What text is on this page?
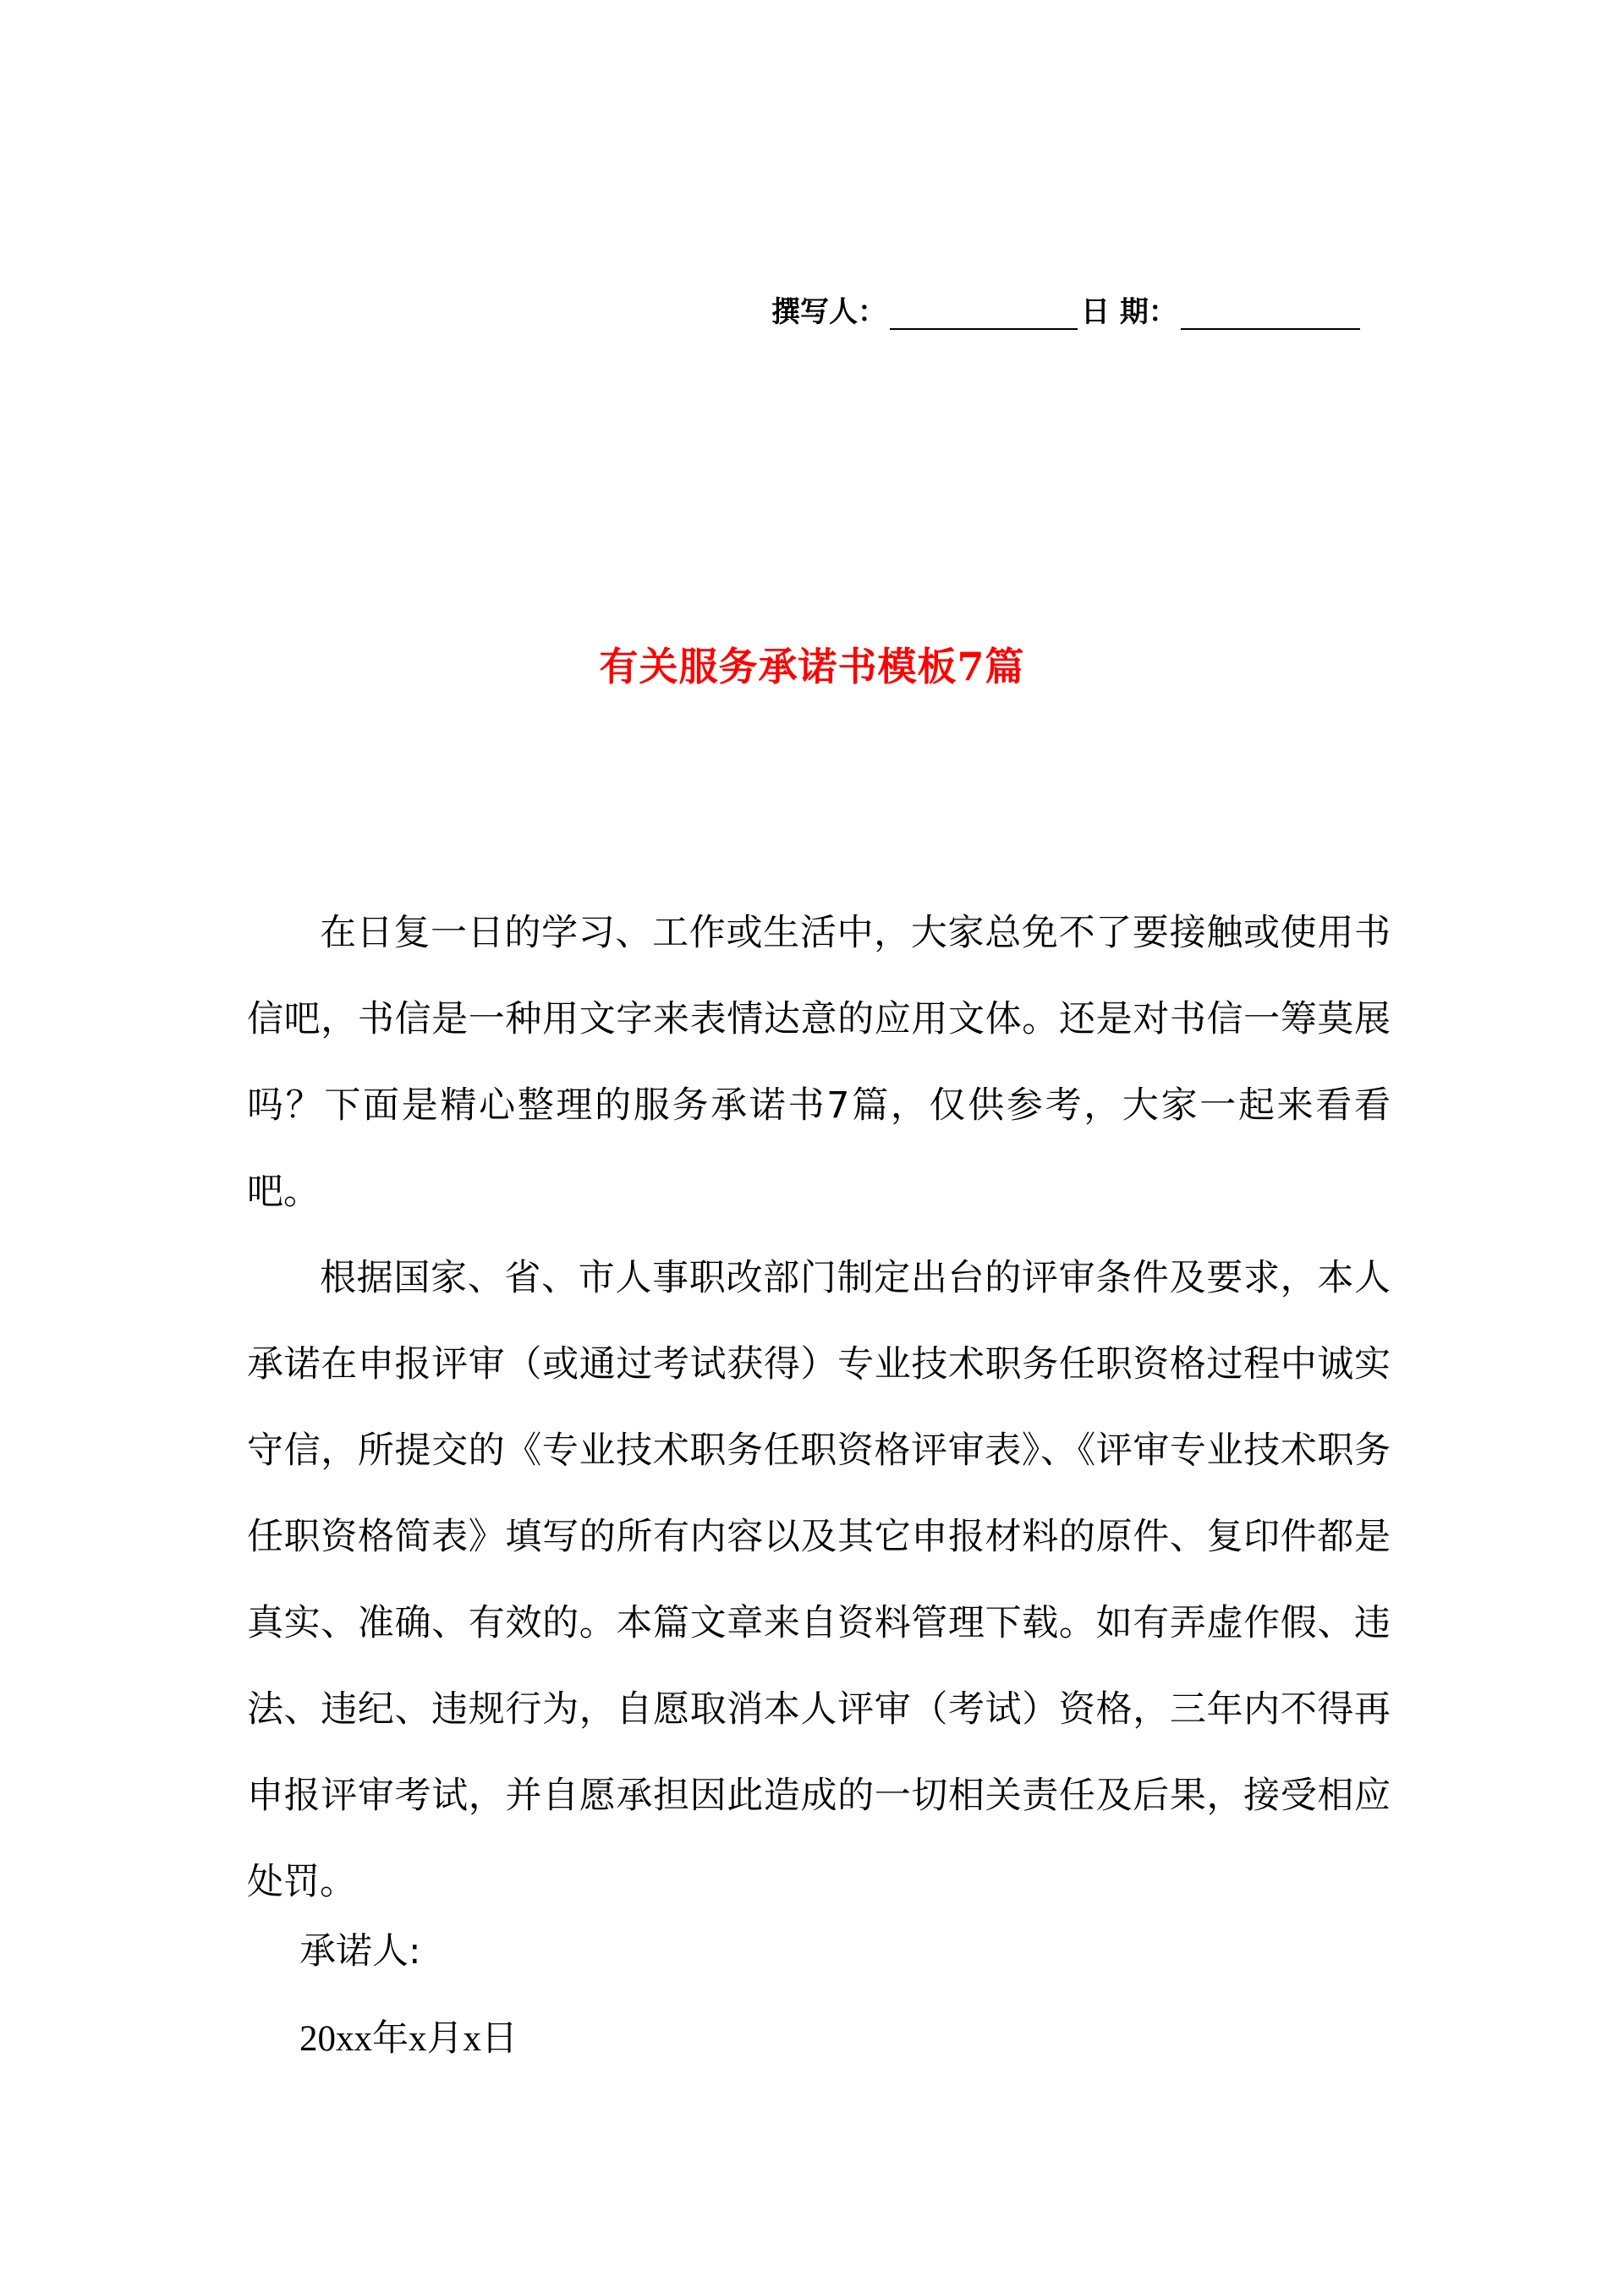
撰写人：	日 期：
有关服务承诺书模板7篇

在日复一日的学习、工作或生活中，大家总免不了要接触或使用书信吧，书信是一种用文字来表情达意的应用文体。还是对书信一筹莫展吗？下面是精心整理的服务承诺书7篇，仅供参考，大家一起来看看吧。

根据国家、省、市人事职改部门制定出台的评审条件及要求，本人承诺在申报评审（或通过考试获得）专业技术职务任职资格过程中诚实守信，所提交的《专业技术职务任职资格评审表》、《评审专业技术职务任职资格简表》填写的所有内容以及其它申报材料的原件、复印件都是真实、准确、有效的。本篇文章来自资料管理下载。如有弄虚作假、违法、违纪、违规行为，自愿取消本人评审（考试）资格，三年内不得再申报评审考试，并自愿承担因此造成的一切相关责任及后果，接受相应处罚。

承诺人:
20xx年x月x日
